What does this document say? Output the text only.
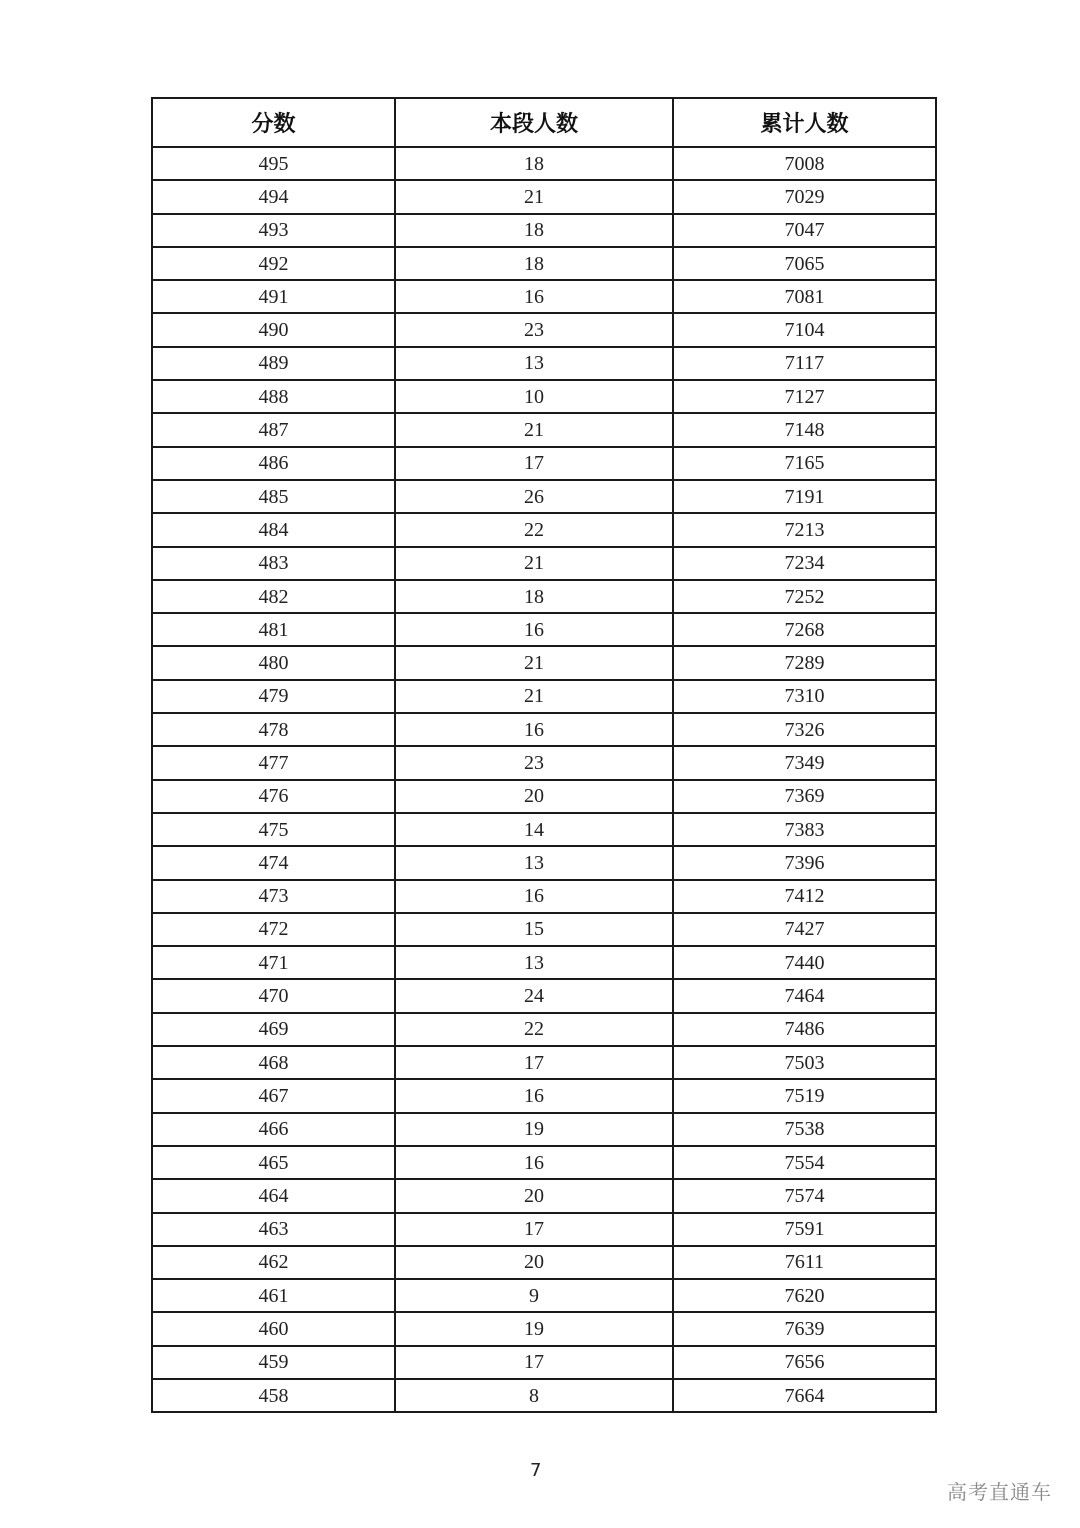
分数	本段人数	累计人数
495	18	7008
494	21	7029
493	18	7047
492	18	7065
491	16	7081
490	23	7104
489	13	7117
488	10	7127
487	21	7148
486	17	7165
485	26	7191
484	22	7213
483	21	7234
482	18	7252
481	16	7268
480	21	7289
479	21	7310
478	16	7326
477	23	7349
476	20	7369
475	14	7383
474	13	7396
473	16	7412
472	15	7427
471	13	7440
470	24	7464
469	22	7486
468	17	7503
467	16	7519
466	19	7538
465	16	7554
464	20	7574
463	17	7591
462	20	7611
461	9	7620
460	19	7639
459	17	7656
458	8	7664
7
高考直通车
